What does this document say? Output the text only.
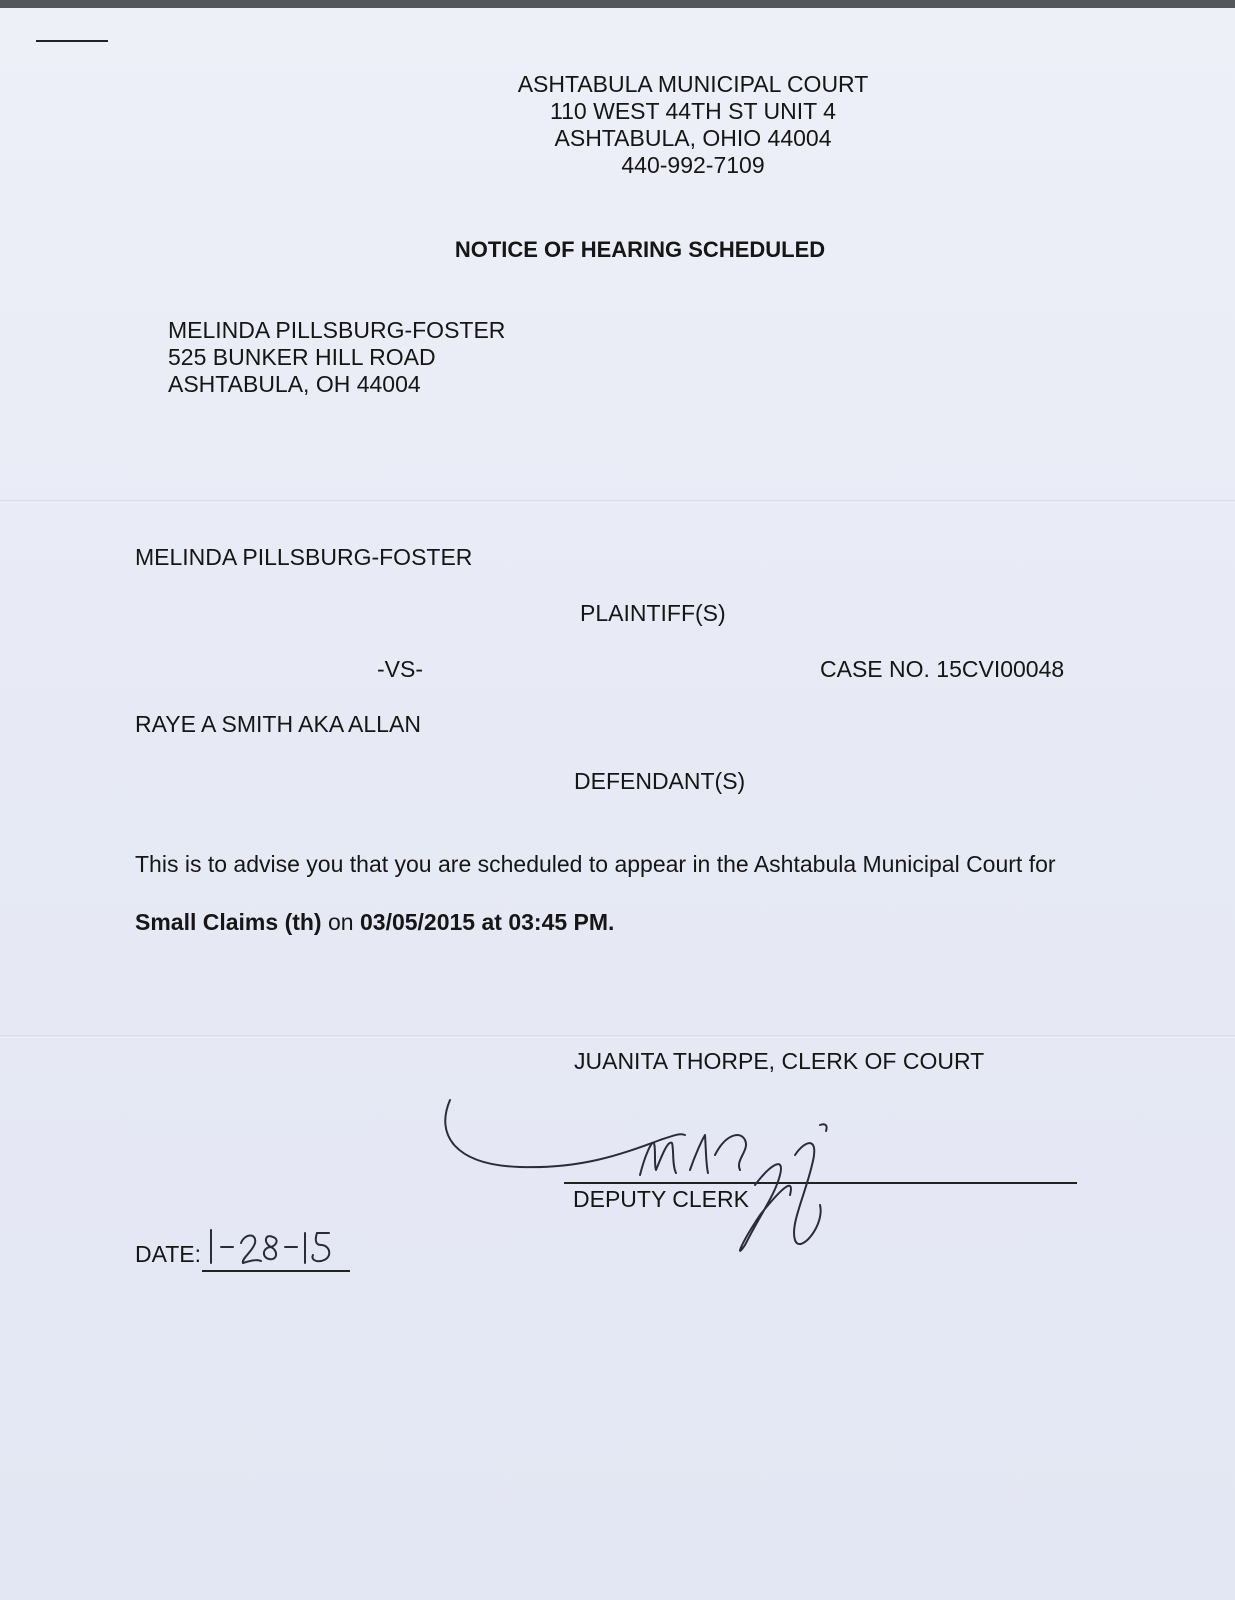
ASHTABULA MUNICIPAL COURT
110 WEST 44TH ST UNIT 4
ASHTABULA, OHIO 44004
440-992-7109
NOTICE OF HEARING SCHEDULED
MELINDA PILLSBURG-FOSTER
525 BUNKER HILL ROAD
ASHTABULA, OH 44004
MELINDA PILLSBURG-FOSTER
PLAINTIFF(S)
-VS-	CASE NO. 15CVI00048
RAYE A SMITH AKA ALLAN
DEFENDANT(S)
This is to advise you that you are scheduled to appear in the Ashtabula Municipal Court for
Small Claims (th) on 03/05/2015 at 03:45 PM.
JUANITA THORPE, CLERK OF COURT
DEPUTY CLERK
DATE:
